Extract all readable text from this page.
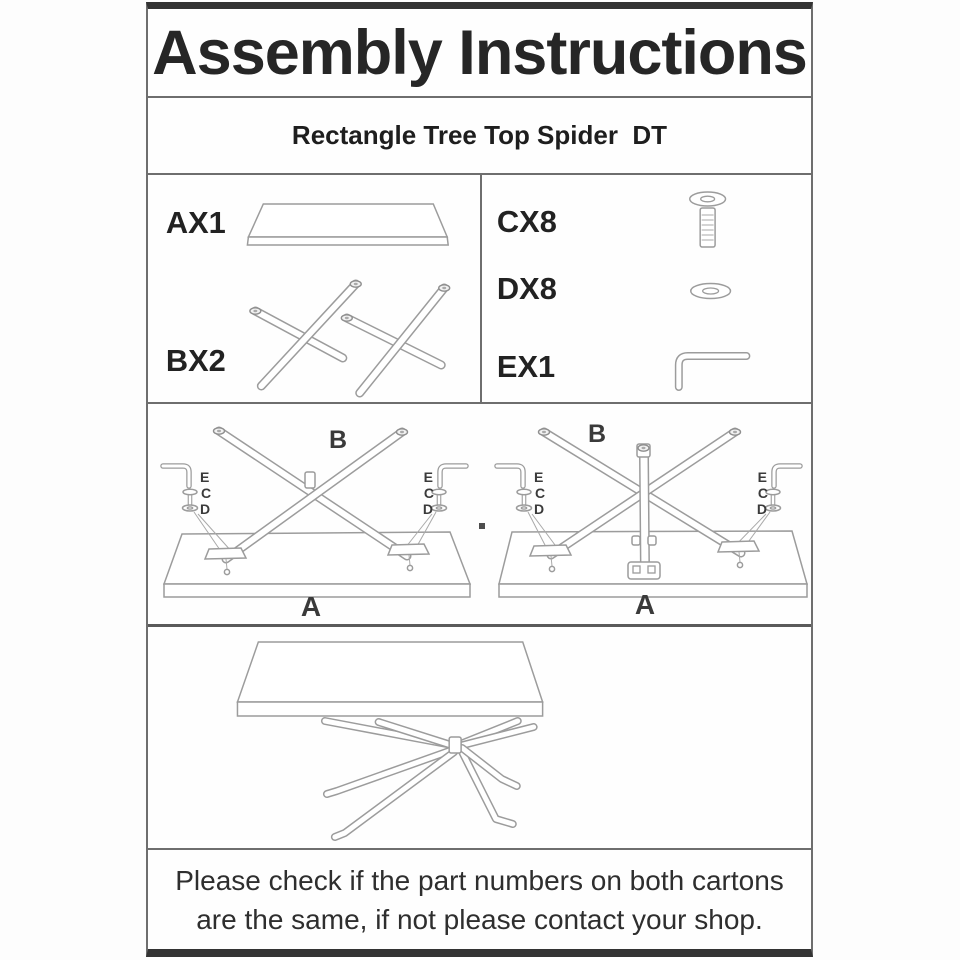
Assembly Instructions
Rectangle Tree Top Spider  DT
AX1
BX2
CX8
DX8
EX1
E
C
D
E
C
D
B
A
E
C
D
E
C
D
B
A

Please check if the part numbers on both cartons

are the same, if not please contact your shop.
